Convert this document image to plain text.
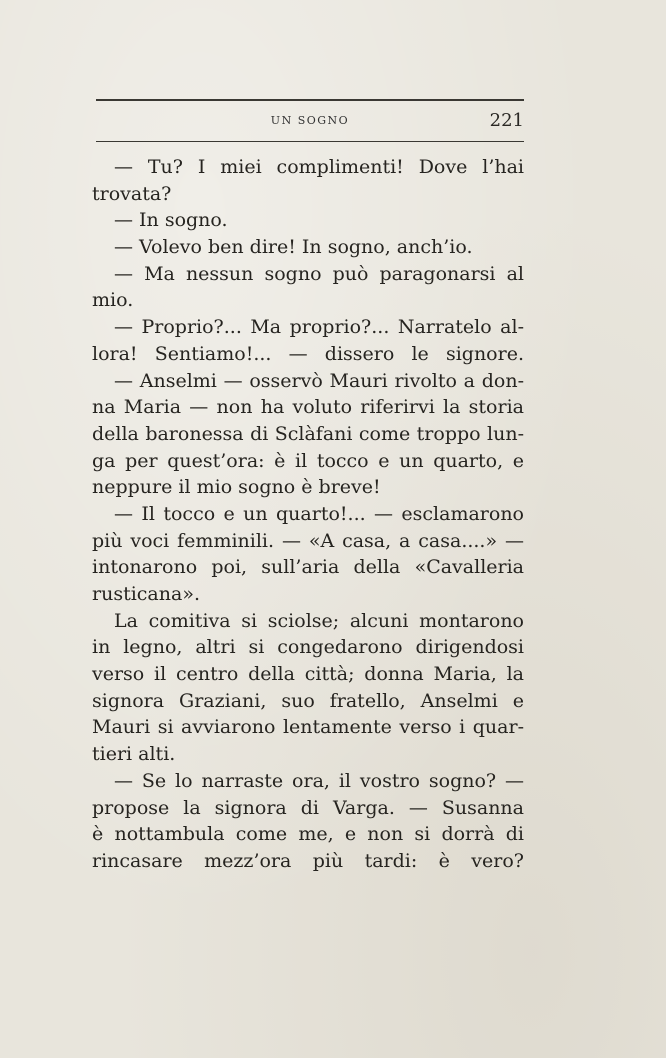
UN SOGNO	221
— Tu? I miei complimenti! Dove l’hai
trovata?
— In sogno.
— Volevo ben dire! In sogno, anch’io.
— Ma nessun sogno può paragonarsi al
mio.
— Proprio?... Ma proprio?... Narratelo al-
lora! Sentiamo!... — dissero le signore.
— Anselmi — osservò Mauri rivolto a don-
na Maria — non ha voluto riferirvi la storia
della baronessa di Sclàfani come troppo lun-
ga per quest’ora: è il tocco e un quarto, e
neppure il mio sogno è breve!
— Il tocco e un quarto!... — esclamarono
più voci femminili. — «A casa, a casa....» —
intonarono poi, sull’aria della «Cavalleria
rusticana».
La comitiva si sciolse; alcuni montarono
in legno, altri si congedarono dirigendosi
verso il centro della città; donna Maria, la
signora Graziani, suo fratello, Anselmi e
Mauri si avviarono lentamente verso i quar-
tieri alti.
— Se lo narraste ora, il vostro sogno? —
propose la signora di Varga. — Susanna
è nottambula come me, e non si dorrà di
rincasare mezz’ora più tardi: è vero?
